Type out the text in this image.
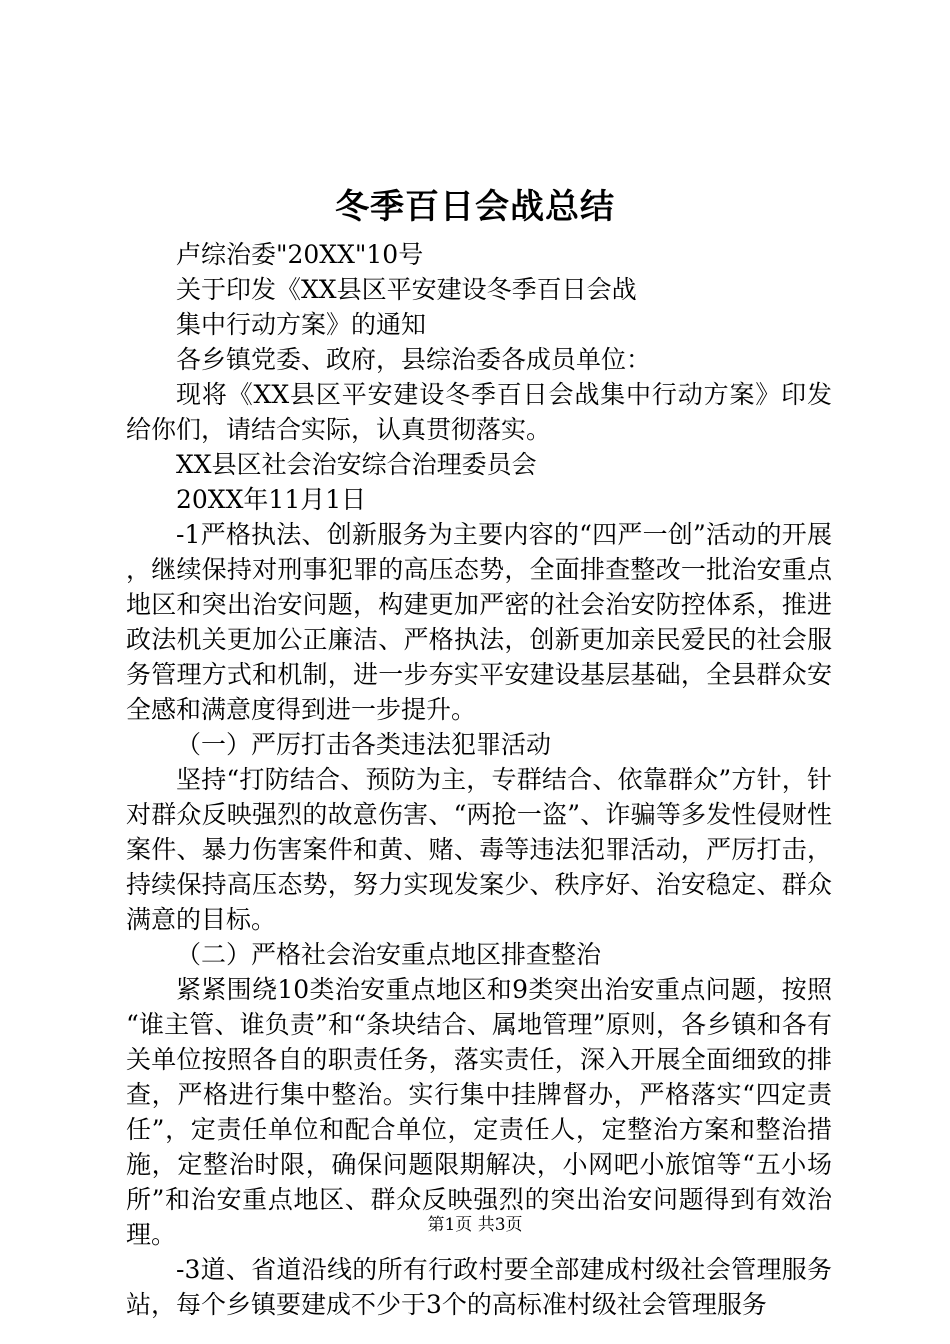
冬季百日会战总结

卢综治委"20XX"10号

关于印发《XX县区平安建设冬季百日会战

集中行动方案》的通知

各乡镇党委、政府，县综治委各成员单位：

现将《XX县区平安建设冬季百日会战集中行动方案》印发给你们，请结合实际，认真贯彻落实。

XX县区社会治安综合治理委员会

20XX年11月1日

-1严格执法、创新服务为主要内容的“四严一创”活动的开展，继续保持对刑事犯罪的高压态势，全面排查整改一批治安重点地区和突出治安问题，构建更加严密的社会治安防控体系，推进政法机关更加公正廉洁、严格执法，创新更加亲民爱民的社会服务管理方式和机制，进一步夯实平安建设基层基础，全县群众安全感和满意度得到进一步提升。

（一）严厉打击各类违法犯罪活动

坚持“打防结合、预防为主，专群结合、依靠群众”方针，针对群众反映强烈的故意伤害、“两抢一盗”、诈骗等多发性侵财性案件、暴力伤害案件和黄、赌、毒等违法犯罪活动，严厉打击，持续保持高压态势，努力实现发案少、秩序好、治安稳定、群众满意的目标。

（二）严格社会治安重点地区排查整治

紧紧围绕10类治安重点地区和9类突出治安重点问题，按照“谁主管、谁负责”和“条块结合、属地管理”原则，各乡镇和各有关单位按照各自的职责任务，落实责任，深入开展全面细致的排查，严格进行集中整治。实行集中挂牌督办，严格落实“四定责任”，定责任单位和配合单位，定责任人，定整治方案和整治措施，定整治时限，确保问题限期解决，小网吧小旅馆等“五小场所”和治安重点地区、群众反映强烈的突出治安问题得到有效治理。

-3道、省道沿线的所有行政村要全部建成村级社会管理服务站，每个乡镇要建成不少于3个的高标准村级社会管理服务

第1页 共3页
